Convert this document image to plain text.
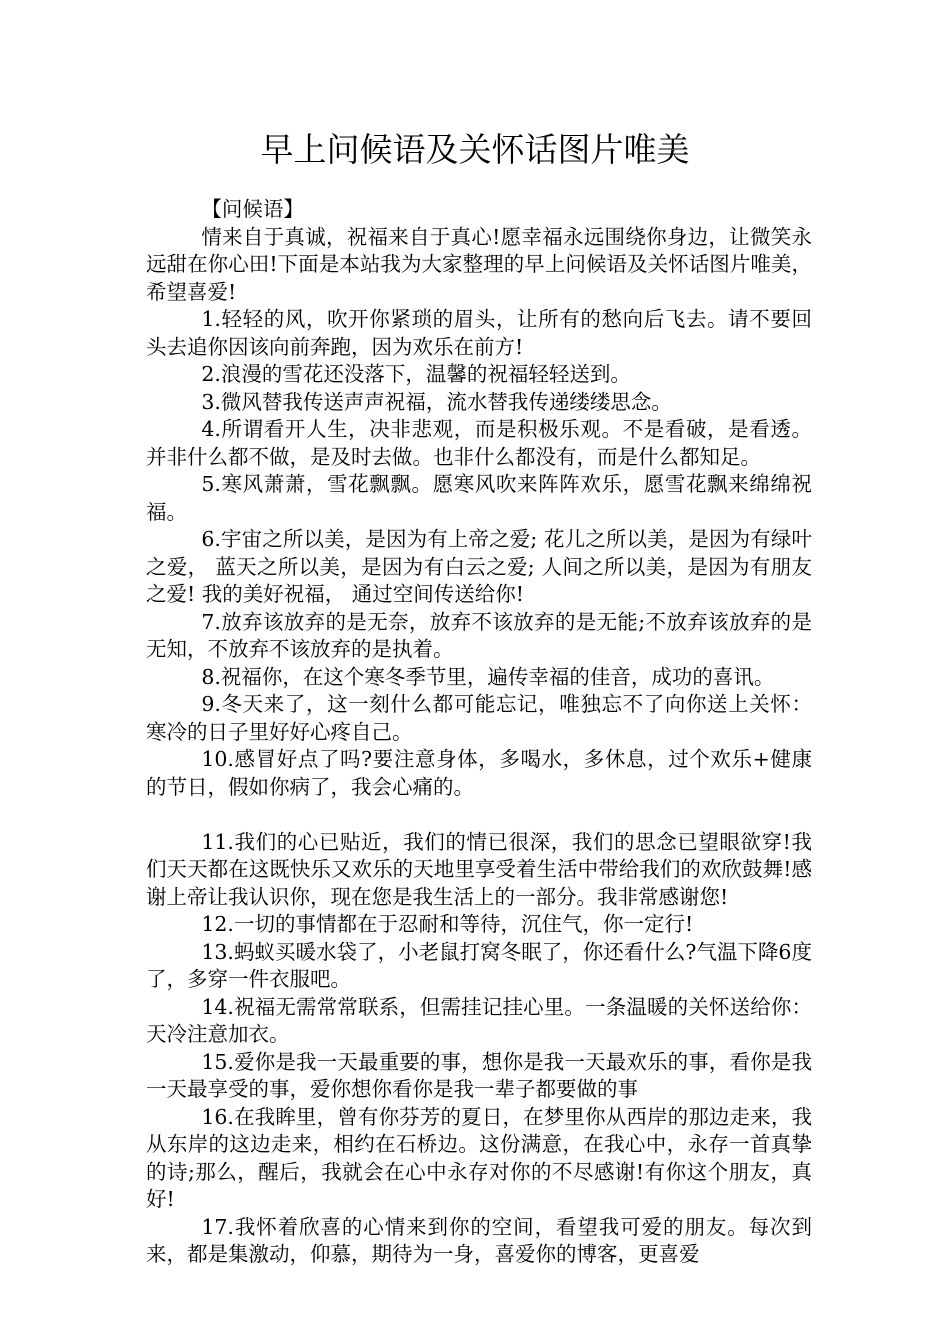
早上问候语及关怀话图片唯美

【问候语】

情来自于真诚，祝福来自于真心!愿幸福永远围绕你身边，让微笑永远甜在你心田!下面是本站我为大家整理的早上问候语及关怀话图片唯美，希望喜爱!

1.轻轻的风，吹开你紧琐的眉头，让所有的愁向后飞去。请不要回头去追你因该向前奔跑，因为欢乐在前方!

2.浪漫的雪花还没落下，温馨的祝福轻轻送到。

3.微风替我传送声声祝福，流水替我传递缕缕思念。

4.所谓看开人生，决非悲观，而是积极乐观。不是看破，是看透。并非什么都不做，是及时去做。也非什么都没有，而是什么都知足。

5.寒风萧萧，雪花飘飘。愿寒风吹来阵阵欢乐，愿雪花飘来绵绵祝福。

6.宇宙之所以美，是因为有上帝之爱; 花儿之所以美，是因为有绿叶之爱， 蓝天之所以美，是因为有白云之爱; 人间之所以美，是因为有朋友之爱! 我的美好祝福， 通过空间传送给你!

7.放弃该放弃的是无奈，放弃不该放弃的是无能;不放弃该放弃的是无知，不放弃不该放弃的是执着。

8.祝福你，在这个寒冬季节里，遍传幸福的佳音，成功的喜讯。

9.冬天来了，这一刻什么都可能忘记，唯独忘不了向你送上关怀：寒冷的日子里好好心疼自己。

10.感冒好点了吗?要注意身体，多喝水，多休息，过个欢乐+健康的节日，假如你病了，我会心痛的。

11.我们的心已贴近，我们的情已很深，我们的思念已望眼欲穿!我们天天都在这既快乐又欢乐的天地里享受着生活中带给我们的欢欣鼓舞!感谢上帝让我认识你，现在您是我生活上的一部分。我非常感谢您!

12.一切的事情都在于忍耐和等待，沉住气，你一定行!

13.蚂蚁买暖水袋了，小老鼠打窝冬眠了，你还看什么?气温下降6度了，多穿一件衣服吧。

14.祝福无需常常联系，但需挂记挂心里。一条温暖的关怀送给你：天冷注意加衣。

15.爱你是我一天最重要的事，想你是我一天最欢乐的事，看你是我一天最享受的事，爱你想你看你是我一辈子都要做的事

16.在我眸里，曾有你芬芳的夏日，在梦里你从西岸的那边走来，我从东岸的这边走来，相约在石桥边。这份满意，在我心中，永存一首真挚的诗;那么，醒后，我就会在心中永存对你的不尽感谢!有你这个朋友，真好!

17.我怀着欣喜的心情来到你的空间，看望我可爱的朋友。每次到来，都是集激动，仰慕，期待为一身，喜爱你的博客，更喜爱
